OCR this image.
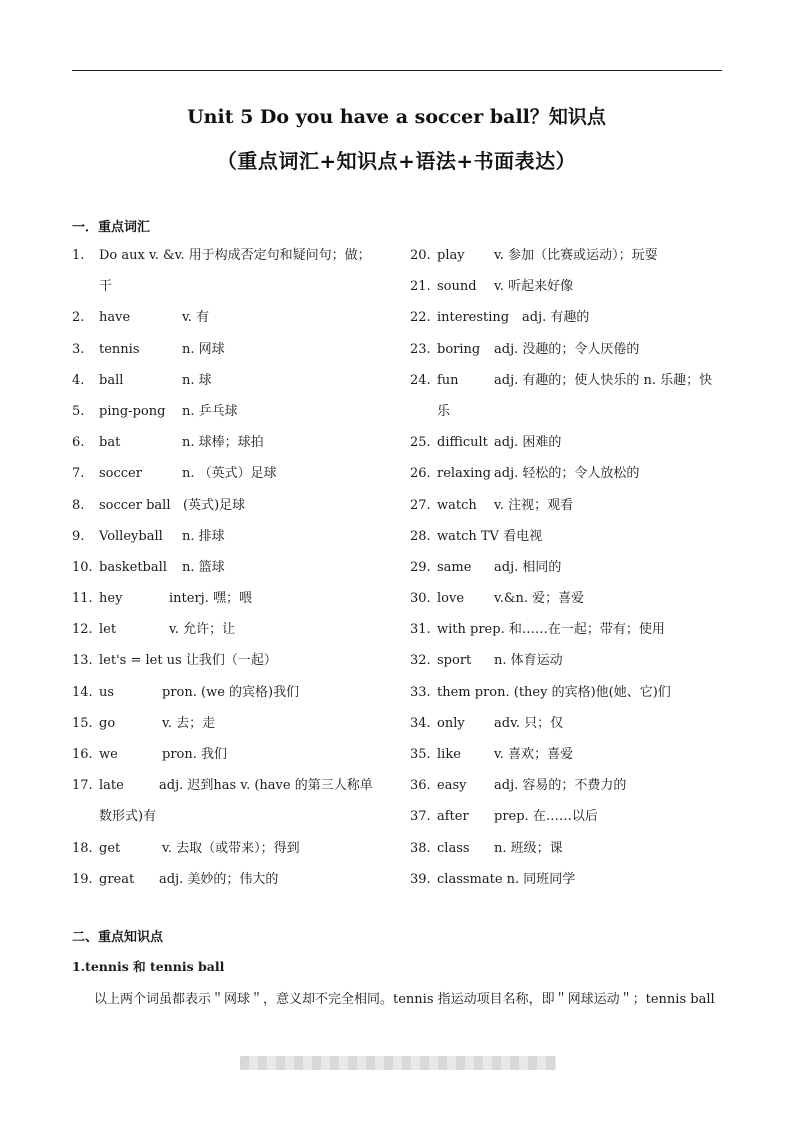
Unit 5 Do you have a soccer ball？知识点
（重点词汇+知识点+语法+书面表达）
一．重点词汇
1. Do aux v. &v. 用于构成否定句和疑问句；做；
干
2. have	v. 有
3. tennis	n. 网球
4. ball	n. 球
5. ping-pong n. 乒乓球
6. bat	n. 球棒；球拍
7. soccer	n. （英式）足球
8. soccer ball (英式)足球
9. Volleyball n. 排球
10. basketball n. 篮球
11. hey	interj. 嘿；喂
12. let	v. 允许；让
13. let's = let us 让我们（一起）
14. us	pron. (we 的宾格)我们
15. go	v. 去；走
16. we	pron. 我们
17. late	adj. 迟到has v. (have 的第三人称单
数形式)有
18. get	v. 去取（或带来）；得到
19. great adj. 美妙的；伟大的
20. play v. 参加（比赛或运动）；玩耍
21. sound v. 听起来好像
22. interesting adj. 有趣的
23. boring adj. 没趣的；令人厌倦的
24. fun	adj. 有趣的；使人快乐的 n. 乐趣；快
乐
25. difficult adj. 困难的
26. relaxing adj. 轻松的；令人放松的
27. watch v. 注视；观看
28. watch TV 看电视
29. same adj. 相同的
30. love v.&n. 爱；喜爱
31. with prep. 和……在一起；带有；使用
32. sport n. 体育运动
33. them pron. (they 的宾格)他(她、它)们
34. only adv. 只；仅
35. like	v. 喜欢；喜爱
36. easy adj. 容易的；不费力的
37. after prep. 在……以后
38. class n. 班级；课
39. classmate n. 同班同学
二、重点知识点
1.tennis 和 tennis ball
以上两个词虽都表示＂网球＂，意义却不完全相同。tennis 指运动项目名称，即＂网球运动＂；tennis ball
